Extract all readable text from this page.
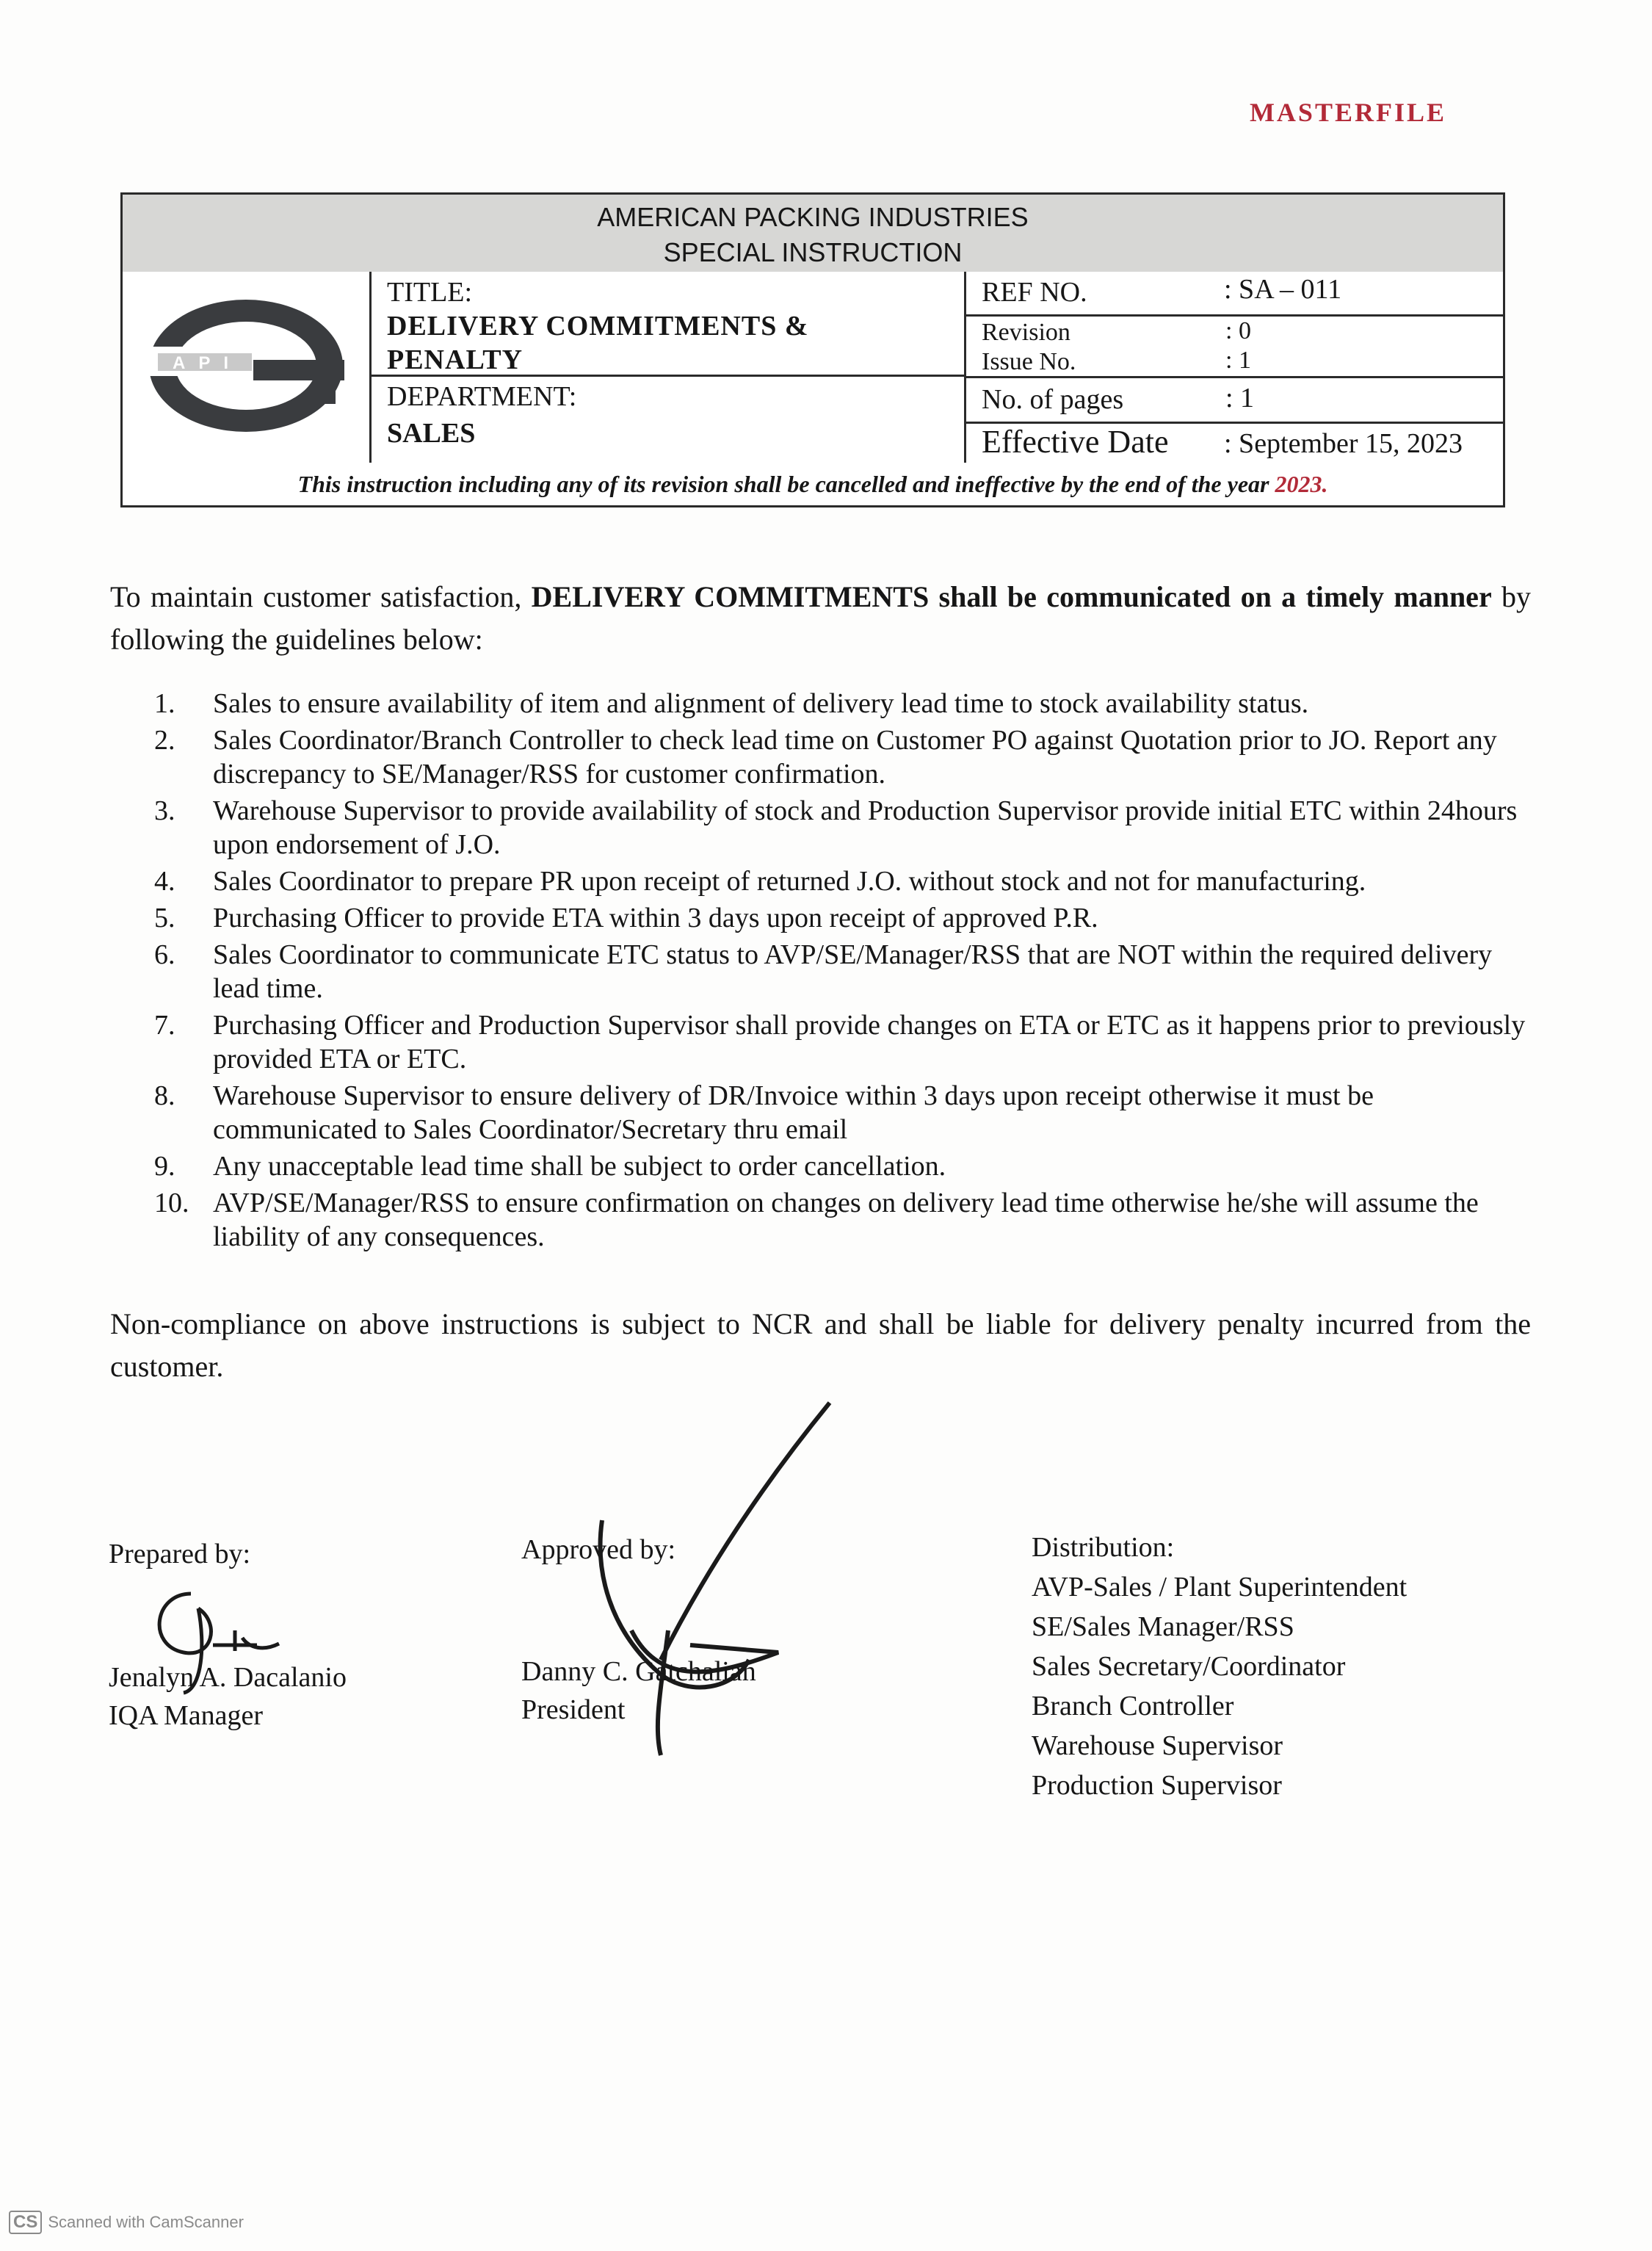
MASTERFILE
AMERICAN PACKING INDUSTRIES
SPECIAL INSTRUCTION
API
TITLE:
DELIVERY COMMITMENTS &
PENALTY
DEPARTMENT:
SALES
REF NO.	: SA – 011
Revision	: 0
Issue No.	: 1
No. of pages	: 1
Effective Date : September 15, 2023
This instruction including any of its revision shall be cancelled and ineffective by the end of the year 2023.
To maintain customer satisfaction, DELIVERY COMMITMENTS shall be communicated on a timely manner by following the guidelines below:
1.	Sales to ensure availability of item and alignment of delivery lead time to stock availability status.
2.	Sales Coordinator/Branch Controller to check lead time on Customer PO against Quotation prior to JO. Report any discrepancy to SE/Manager/RSS for customer confirmation.
3.	Warehouse Supervisor to provide availability of stock and Production Supervisor provide initial ETC within 24hours upon endorsement of J.O.
4.	Sales Coordinator to prepare PR upon receipt of returned J.O. without stock and not for manufacturing.
5.	Purchasing Officer to provide ETA within 3 days upon receipt of approved P.R.
6.	Sales Coordinator to communicate ETC status to AVP/SE/Manager/RSS that are NOT within the required delivery lead time.
7.	Purchasing Officer and Production Supervisor shall provide changes on ETA or ETC as it happens prior to previously provided ETA or ETC.
8.	Warehouse Supervisor to ensure delivery of DR/Invoice within 3 days upon receipt otherwise it must be communicated to Sales Coordinator/Secretary thru email
9.	Any unacceptable lead time shall be subject to order cancellation.
10. AVP/SE/Manager/RSS to ensure confirmation on changes on delivery lead time otherwise he/she will assume the liability of any consequences.
Non-compliance on above instructions is subject to NCR and shall be liable for delivery penalty incurred from the customer.
Prepared by:
Jenalyn A. Dacalanio
IQA Manager
Approved by:
Danny C. Gatchalian
President
Distribution:
AVP-Sales / Plant Superintendent
SE/Sales Manager/RSS
Sales Secretary/Coordinator
Branch Controller
Warehouse Supervisor
Production Supervisor
CS Scanned with CamScanner
